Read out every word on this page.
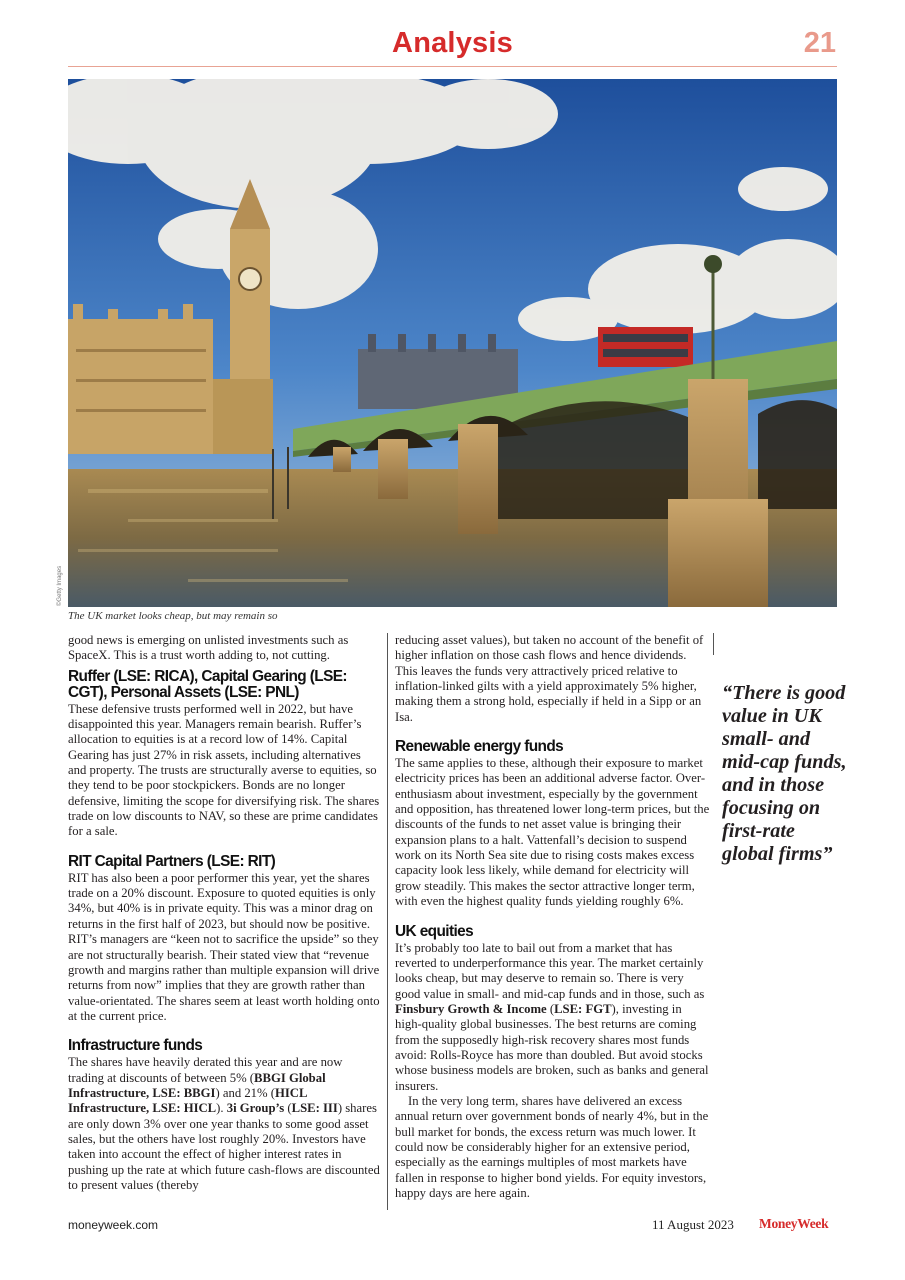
Analysis	21
©Getty Images
The UK market looks cheap, but may remain so

good news is emerging on unlisted investments such as SpaceX. This is a trust worth adding to, not cutting.

Ruffer (LSE: RICA), Capital Gearing (LSE: CGT), Personal Assets (LSE: PNL)

These defensive trusts performed well in 2022, but have disappointed this year. Managers remain bearish. Ruffer’s allocation to equities is at a record low of 14%. Capital Gearing has just 27% in risk assets, including alternatives and property. The trusts are structurally averse to equities, so they tend to be poor stockpickers. Bonds are no longer defensive, limiting the scope for diversifying risk. The shares trade on low discounts to NAV, so these are prime candidates for a sale.

RIT Capital Partners (LSE: RIT)

RIT has also been a poor performer this year, yet the shares trade on a 20% discount. Exposure to quoted equities is only 34%, but 40% is in private equity. This was a minor drag on returns in the first half of 2023, but should now be positive. RIT’s managers are “keen not to sacrifice the upside” so they are not structurally bearish. Their stated view that “revenue growth and margins rather than multiple expansion will drive returns from now” implies that they are growth rather than value-orientated. The shares seem at least worth holding onto at the current price.

Infrastructure funds

The shares have heavily derated this year and are now trading at discounts of between 5% (BBGI Global Infrastructure, LSE: BBGI) and 21% (HICL Infrastructure, LSE: HICL). 3i Group’s (LSE: III) shares are only down 3% over one year thanks to some good asset sales, but the others have lost roughly 20%. Investors have taken into account the effect of higher interest rates in pushing up the rate at which future cash-flows are discounted to present values (thereby

reducing asset values), but taken no account of the benefit of higher inflation on those cash flows and hence dividends. This leaves the funds very attractively priced relative to inflation-linked gilts with a yield approximately 5% higher, making them a strong hold, especially if held in a Sipp or an Isa.

Renewable energy funds

The same applies to these, although their exposure to market electricity prices has been an additional adverse factor. Over-enthusiasm about investment, especially by the government and opposition, has threatened lower long-term prices, but the discounts of the funds to net asset value is bringing their expansion plans to a halt. Vattenfall’s decision to suspend work on its North Sea site due to rising costs makes excess capacity look less likely, while demand for electricity will grow steadily. This makes the sector attractive longer term, with even the highest quality funds yielding roughly 6%.

UK equities

It’s probably too late to bail out from a market that has reverted to underperformance this year. The market certainly looks cheap, but may deserve to remain so. There is very good value in small- and mid-cap funds and in those, such as Finsbury Growth & Income (LSE: FGT), investing in high-quality global businesses. The best returns are coming from the supposedly high-risk recovery shares most funds avoid: Rolls-Royce has more than doubled. But avoid stocks whose business models are broken, such as banks and general insurers.

In the very long term, shares have delivered an excess annual return over government bonds of nearly 4%, but in the bull market for bonds, the excess return was much lower. It could now be considerably higher for an extensive period, especially as the earnings multiples of most markets have fallen in response to higher bond yields. For equity investors, happy days are here again.

“There is good value in UK small- and mid-cap funds, and in those focusing on first-rate global firms”
moneyweek.com	11 August 2023 MoneyWeek
